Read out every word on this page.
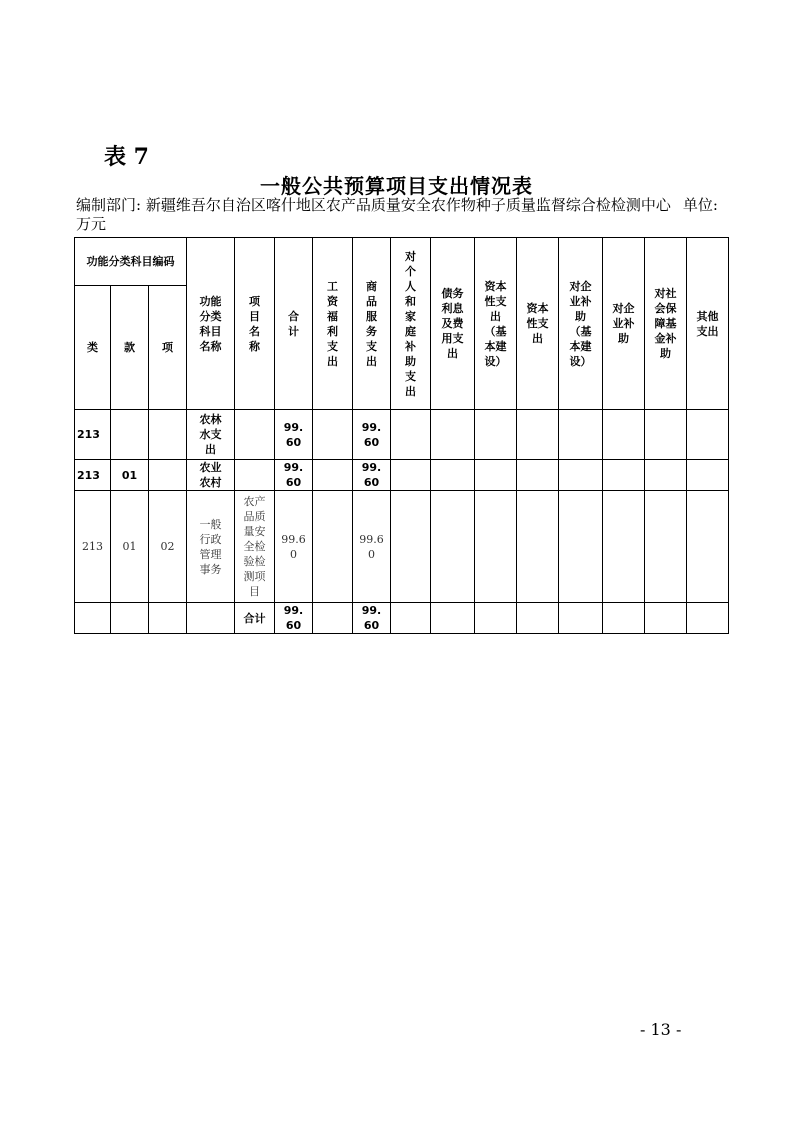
表 7
一般公共预算项目支出情况表
编制部门: 新疆维吾尔自治区喀什地区农产品质量安全农作物种子质量监督综合检检测中心 单位: 万元
功能分类科目编码			功能分类科目名称	项目名称	合计	工资福利支出	商品服务支出	对个人和家庭补助支出	债务利息及费用支出	资本性支出（基本建设）	资本性支出	对企业补助（基本建设）	对企业补助	对社会保障基金补助	其他支出

类	款	项													
213			农林水支出		99.60		99.60								

213	01		农业农村		99.60		99.60								

213	01	02	一般行政管理事务	农产品质量安全检验检测项目	99.60		99.60								

				合计	99.60		99.60								

- 13 -
